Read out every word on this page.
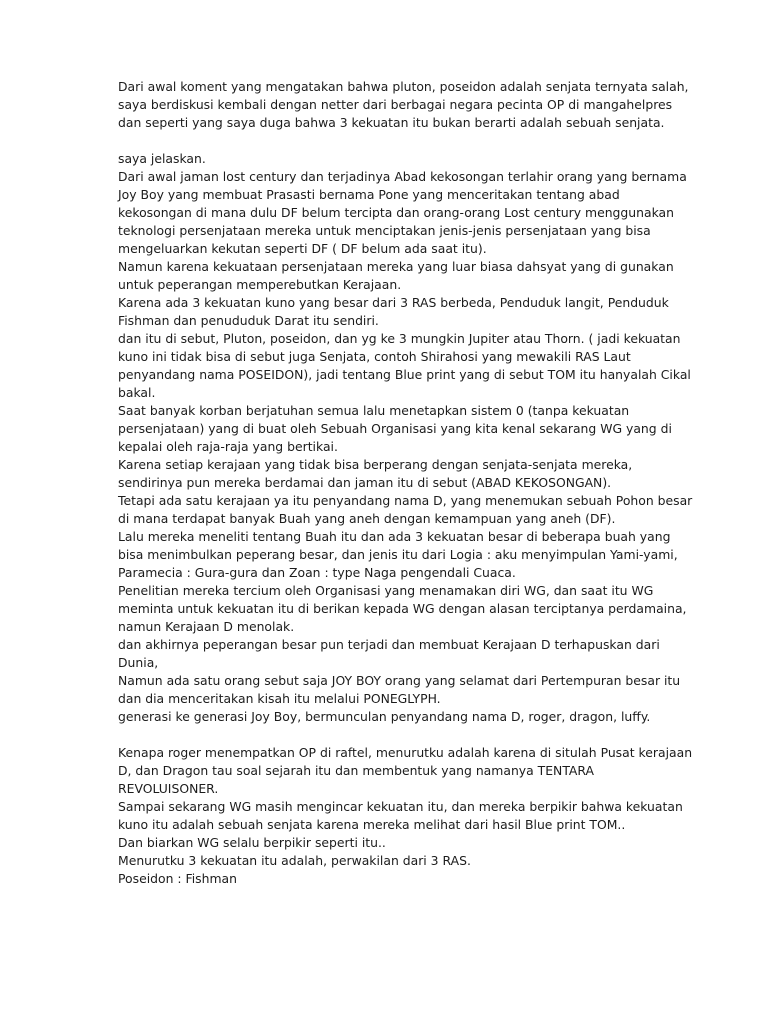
Dari awal koment yang mengatakan bahwa pluton, poseidon adalah senjata ternyata salah,
saya berdiskusi kembali dengan netter dari berbagai negara pecinta OP di mangahelpres
dan seperti yang saya duga bahwa 3 kekuatan itu bukan berarti adalah sebuah senjata.
saya jelaskan.
Dari awal jaman lost century dan terjadinya Abad kekosongan terlahir orang yang bernama
Joy Boy yang membuat Prasasti bernama Pone yang menceritakan tentang abad
kekosongan di mana dulu DF belum tercipta dan orang-orang Lost century menggunakan
teknologi persenjataan mereka untuk menciptakan jenis-jenis persenjataan yang bisa
mengeluarkan kekutan seperti DF ( DF belum ada saat itu).
Namun karena kekuataan persenjataan mereka yang luar biasa dahsyat yang di gunakan
untuk peperangan memperebutkan Kerajaan.
Karena ada 3 kekuatan kuno yang besar dari 3 RAS berbeda, Penduduk langit, Penduduk
Fishman dan penududuk Darat itu sendiri.
dan itu di sebut, Pluton, poseidon, dan yg ke 3 mungkin Jupiter atau Thorn. ( jadi kekuatan
kuno ini tidak bisa di sebut juga Senjata, contoh Shirahosi yang mewakili RAS Laut
penyandang nama POSEIDON), jadi tentang Blue print yang di sebut TOM itu hanyalah Cikal
bakal.
Saat banyak korban berjatuhan semua lalu menetapkan sistem 0 (tanpa kekuatan
persenjataan) yang di buat oleh Sebuah Organisasi yang kita kenal sekarang WG yang di
kepalai oleh raja-raja yang bertikai.
Karena setiap kerajaan yang tidak bisa berperang dengan senjata-senjata mereka,
sendirinya pun mereka berdamai dan jaman itu di sebut (ABAD KEKOSONGAN).
Tetapi ada satu kerajaan ya itu penyandang nama D, yang menemukan sebuah Pohon besar
di mana terdapat banyak Buah yang aneh dengan kemampuan yang aneh (DF).
Lalu mereka meneliti tentang Buah itu dan ada 3 kekuatan besar di beberapa buah yang
bisa menimbulkan peperang besar, dan jenis itu dari Logia : aku menyimpulan Yami-yami,
Paramecia : Gura-gura dan Zoan : type Naga pengendali Cuaca.
Penelitian mereka tercium oleh Organisasi yang menamakan diri WG, dan saat itu WG
meminta untuk kekuatan itu di berikan kepada WG dengan alasan terciptanya perdamaina,
namun Kerajaan D menolak.
dan akhirnya peperangan besar pun terjadi dan membuat Kerajaan D terhapuskan dari
Dunia,
Namun ada satu orang sebut saja JOY BOY orang yang selamat dari Pertempuran besar itu
dan dia menceritakan kisah itu melalui PONEGLYPH.
generasi ke generasi Joy Boy, bermunculan penyandang nama D, roger, dragon, luffy.
Kenapa roger menempatkan OP di raftel, menurutku adalah karena di situlah Pusat kerajaan
D, dan Dragon tau soal sejarah itu dan membentuk yang namanya TENTARA
REVOLUISONER.
Sampai sekarang WG masih mengincar kekuatan itu, dan mereka berpikir bahwa kekuatan
kuno itu adalah sebuah senjata karena mereka melihat dari hasil Blue print TOM..
Dan biarkan WG selalu berpikir seperti itu..
Menurutku 3 kekuatan itu adalah, perwakilan dari 3 RAS.
Poseidon : Fishman
